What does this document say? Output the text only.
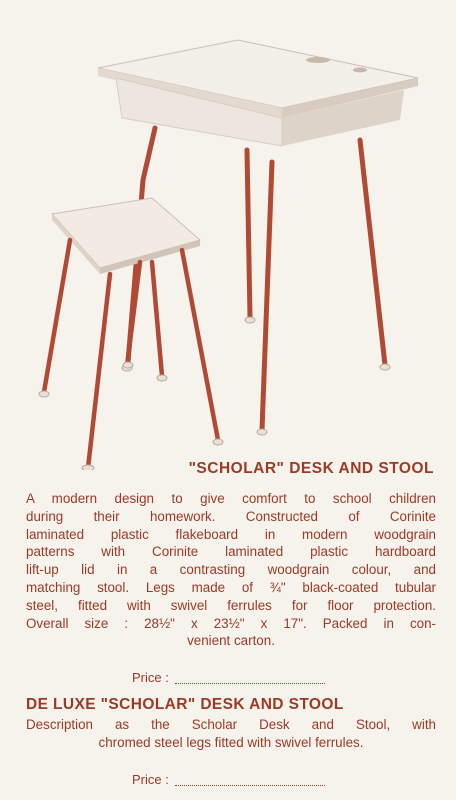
"SCHOLAR" DESK AND STOOL
A modern design to give comfort to school children
during their homework. Constructed of Corinite
laminated plastic flakeboard in modern woodgrain
patterns with Corinite laminated plastic hardboard
lift-up lid in a contrasting woodgrain colour, and
matching stool. Legs made of ¾" black-coated tubular
steel, fitted with swivel ferrules for floor protection.
Overall size : 28½" x 23½" x 17". Packed in con-
venient carton.
Price :
DE LUXE "SCHOLAR" DESK AND STOOL
Description as the Scholar Desk and Stool, with
chromed steel legs fitted with swivel ferrules.
Price :
